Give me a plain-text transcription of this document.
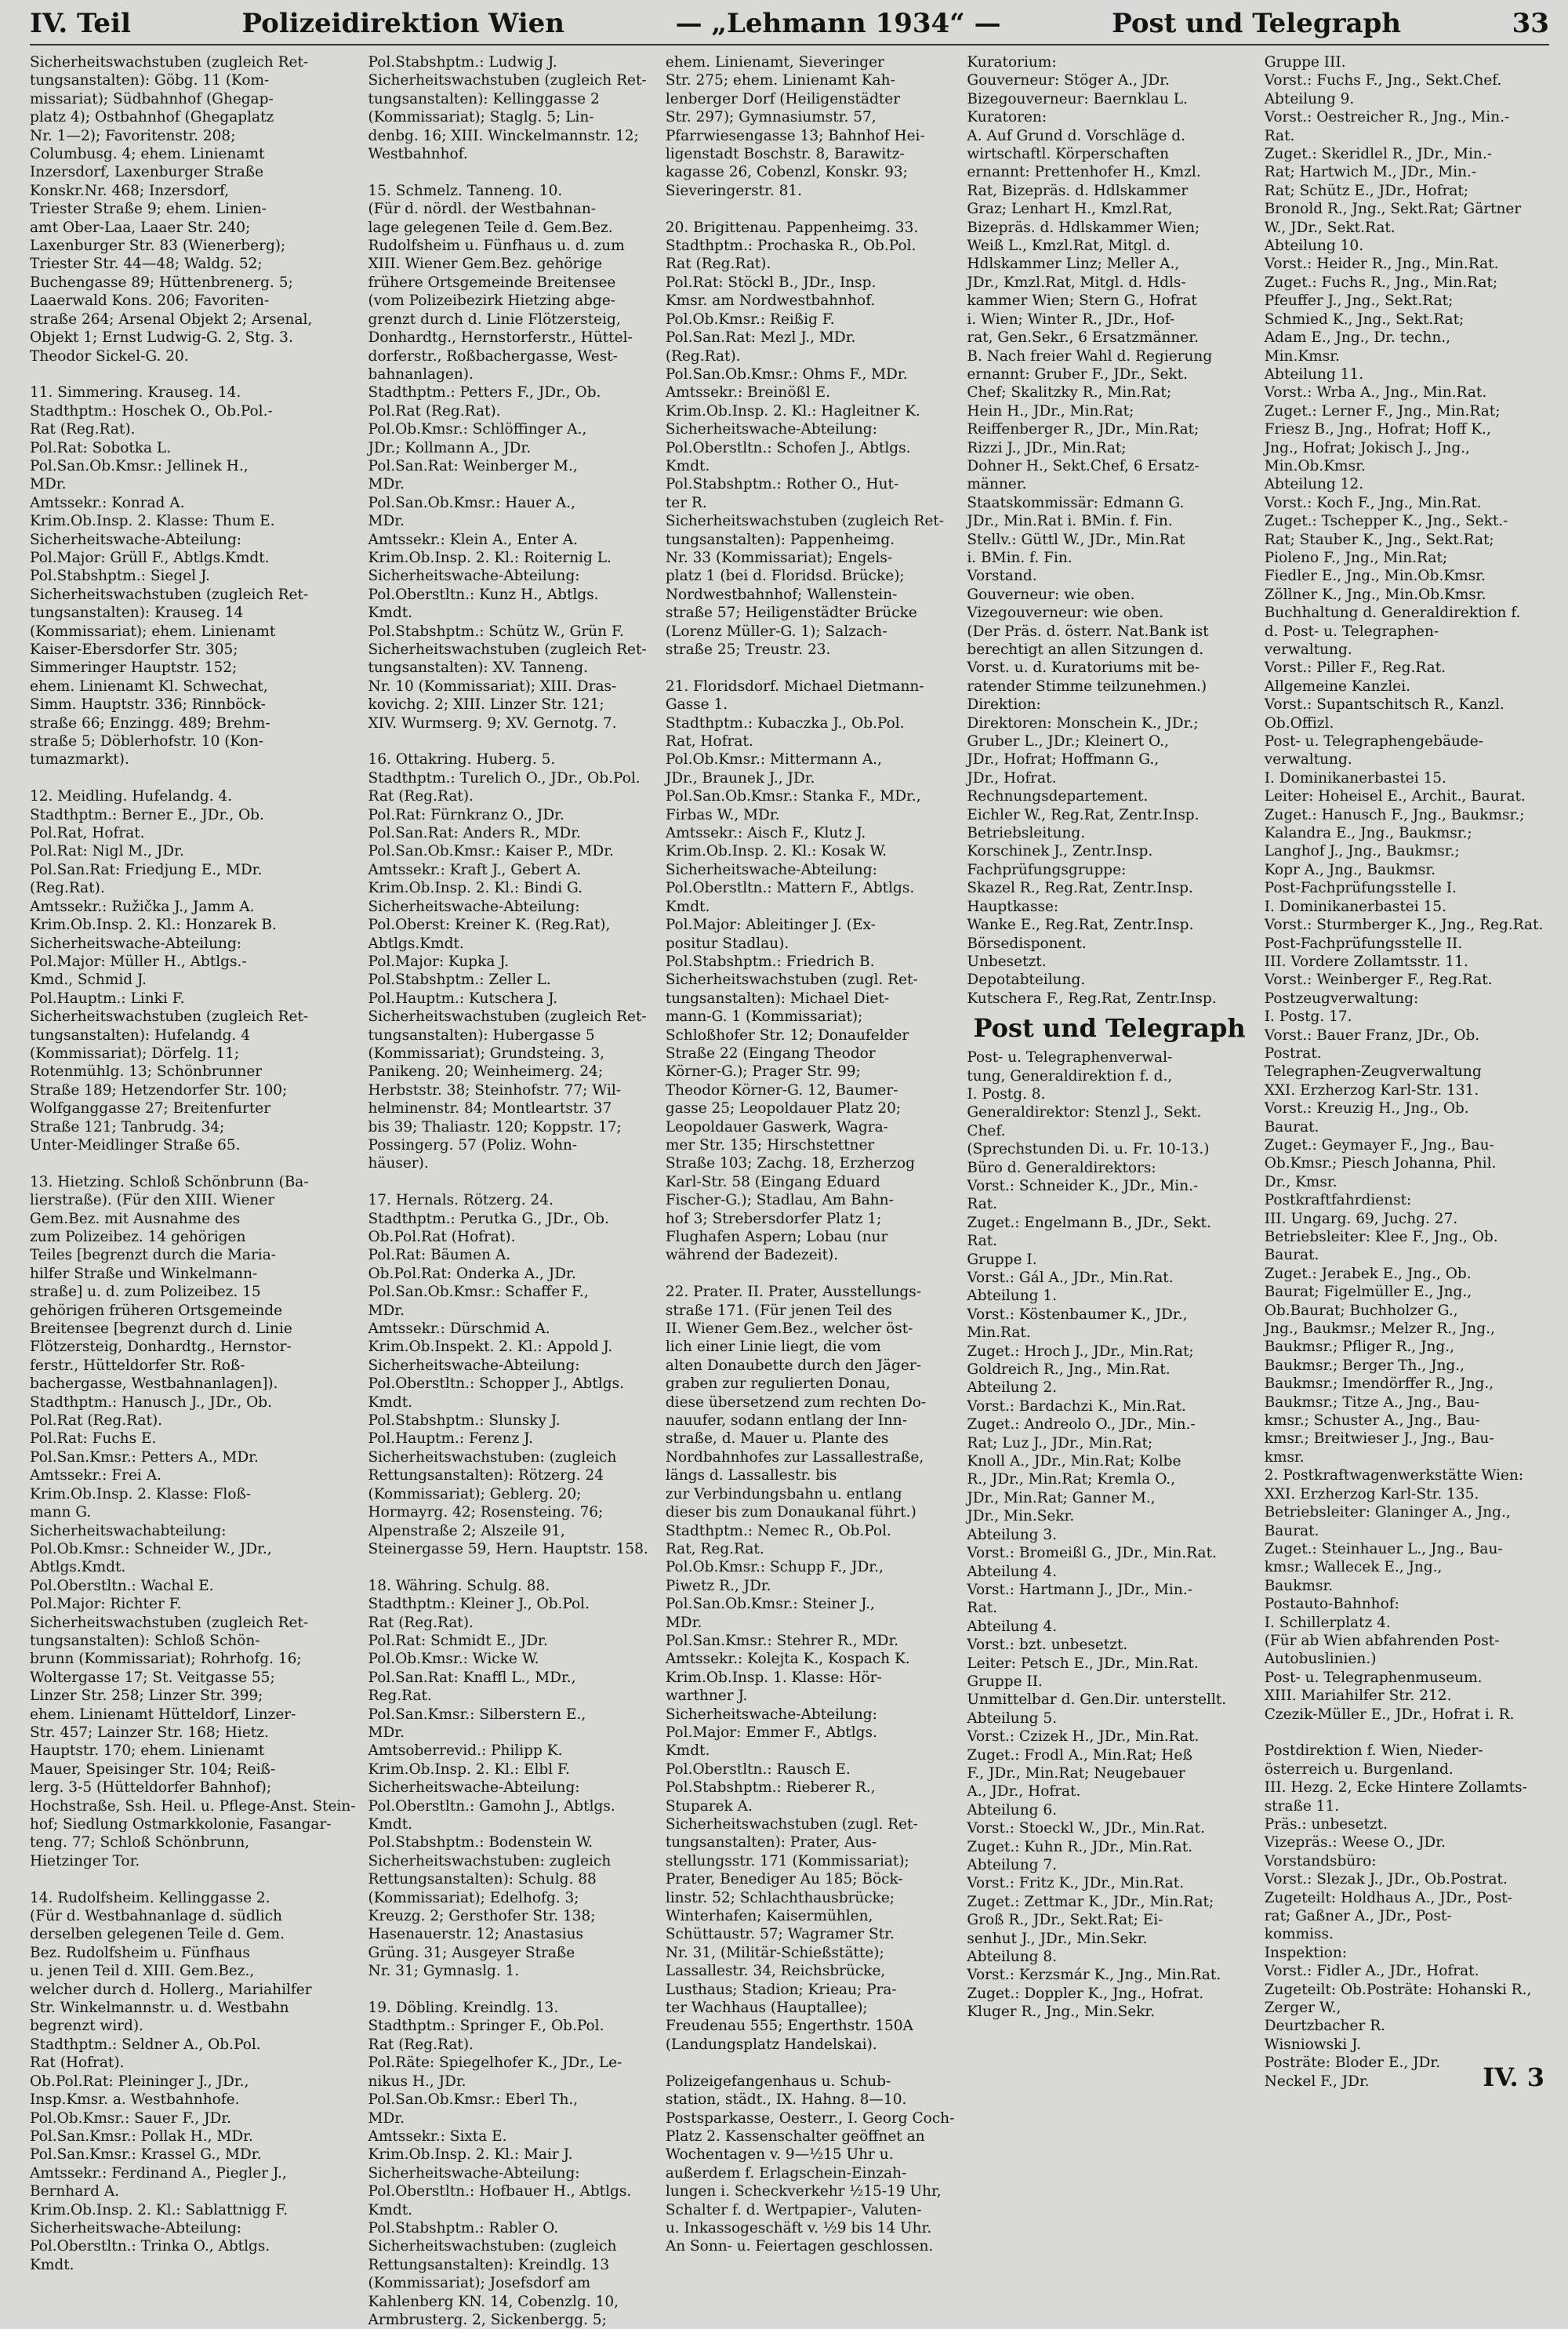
IV. Teil	Polizeidirektion Wien	— „Lehmann 1934“ —	Post und Telegraph	33
Sicherheitswachstuben (zugleich Ret-
tungsanstalten): Göbg. 11 (Kom-
missariat); Südbahnhof (Ghegap-
platz 4); Ostbahnhof (Ghegaplatz
Nr. 1—2); Favoritenstr. 208;
Columbusg. 4; ehem. Linienamt
Inzersdorf, Laxenburger Straße
Konskr.Nr. 468; Inzersdorf,
Triester Straße 9; ehem. Linien-
amt Ober-Laa, Laaer Str. 240;
Laxenburger Str. 83 (Wienerberg);
Triester Str. 44—48; Waldg. 52;
Buchengasse 89; Hüttenbrenerg. 5;
Laaerwald Kons. 206; Favoriten-
straße 264; Arsenal Objekt 2; Arsenal,
Objekt 1; Ernst Ludwig-G. 2, Stg. 3.
Theodor Sickel-G. 20.

11. Simmering. Krauseg. 14.
Stadthptm.: Hoschek O., Ob.Pol.-
Rat (Reg.Rat).
Pol.Rat: Sobotka L.
Pol.San.Ob.Kmsr.: Jellinek H.,
MDr.
Amtssekr.: Konrad A.
Krim.Ob.Insp. 2. Klasse: Thum E.
Sicherheitswache-Abteilung:
Pol.Major: Grüll F., Abtlgs.Kmdt.
Pol.Stabshptm.: Siegel J.
Sicherheitswachstuben (zugleich Ret-
tungsanstalten): Krauseg. 14
(Kommissariat); ehem. Linienamt
Kaiser-Ebersdorfer Str. 305;
Simmeringer Hauptstr. 152;
ehem. Linienamt Kl. Schwechat,
Simm. Hauptstr. 336; Rinnböck-
straße 66; Enzingg. 489; Brehm-
straße 5; Döblerhofstr. 10 (Kon-
tumazmarkt).

12. Meidling. Hufelandg. 4.
Stadthptm.: Berner E., JDr., Ob.
Pol.Rat, Hofrat.
Pol.Rat: Nigl M., JDr.
Pol.San.Rat: Friedjung E., MDr.
(Reg.Rat).
Amtssekr.: Ružička J., Jamm A.
Krim.Ob.Insp. 2. Kl.: Honzarek B.
Sicherheitswache-Abteilung:
Pol.Major: Müller H., Abtlgs.-
Kmd., Schmid J.
Pol.Hauptm.: Linki F.
Sicherheitswachstuben (zugleich Ret-
tungsanstalten): Hufelandg. 4
(Kommissariat); Dörfelg. 11;
Rotenmühlg. 13; Schönbrunner
Straße 189; Hetzendorfer Str. 100;
Wolfganggasse 27; Breitenfurter
Straße 121; Tanbrudg. 34;
Unter-Meidlinger Straße 65.

13. Hietzing. Schloß Schönbrunn (Ba-
lierstraße). (Für den XIII. Wiener
Gem.Bez. mit Ausnahme des
zum Polizeibez. 14 gehörigen
Teiles [begrenzt durch die Maria-
hilfer Straße und Winkelmann-
straße] u. d. zum Polizeibez. 15
gehörigen früheren Ortsgemeinde
Breitensee [begrenzt durch d. Linie
Flötzersteig, Donhardtg., Hernstor-
ferstr., Hütteldorfer Str. Roß-
bachergasse, Westbahnanlagen]).
Stadthptm.: Hanusch J., JDr., Ob.
Pol.Rat (Reg.Rat).
Pol.Rat: Fuchs E.
Pol.San.Kmsr.: Petters A., MDr.
Amtssekr.: Frei A.
Krim.Ob.Insp. 2. Klasse: Floß-
mann G.
Sicherheitswachabteilung:
Pol.Ob.Kmsr.: Schneider W., JDr.,
Abtlgs.Kmdt.
Pol.Oberstltn.: Wachal E.
Pol.Major: Richter F.
Sicherheitswachstuben (zugleich Ret-
tungsanstalten): Schloß Schön-
brunn (Kommissariat); Rohrhofg. 16;
Woltergasse 17; St. Veitgasse 55;
Linzer Str. 258; Linzer Str. 399;
ehem. Linienamt Hütteldorf, Linzer-
Str. 457; Lainzer Str. 168; Hietz.
Hauptstr. 170; ehem. Linienamt
Mauer, Speisinger Str. 104; Reiß-
lerg. 3-5 (Hütteldorfer Bahnhof);
Hochstraße, Ssh. Heil. u. Pflege-Anst. Stein-
hof; Siedlung Ostmarkkolonie, Fasangar-
teng. 77; Schloß Schönbrunn,
Hietzinger Tor.

14. Rudolfsheim. Kellinggasse 2.
(Für d. Westbahnanlage d. südlich
derselben gelegenen Teile d. Gem.
Bez. Rudolfsheim u. Fünfhaus
u. jenen Teil d. XIII. Gem.Bez.,
welcher durch d. Hollerg., Mariahilfer
Str. Winkelmannstr. u. d. Westbahn
begrenzt wird).
Stadthptm.: Seldner A., Ob.Pol.
Rat (Hofrat).
Ob.Pol.Rat: Pleininger J., JDr.,
Insp.Kmsr. a. Westbahnhofe.
Pol.Ob.Kmsr.: Sauer F., JDr.
Pol.San.Kmsr.: Pollak H., MDr.
Pol.San.Kmsr.: Krassel G., MDr.
Amtssekr.: Ferdinand A., Piegler J.,
Bernhard A.
Krim.Ob.Insp. 2. Kl.: Sablattnigg F.
Sicherheitswache-Abteilung:
Pol.Oberstltn.: Trinka O., Abtlgs.
Kmdt.
Pol.Stabshptm.: Ludwig J.
Sicherheitswachstuben (zugleich Ret-
tungsanstalten): Kellinggasse 2
(Kommissariat); Staglg. 5; Lin-
denbg. 16; XIII. Winckelmannstr. 12;
Westbahnhof.

15. Schmelz. Tanneng. 10.
(Für d. nördl. der Westbahnan-
lage gelegenen Teile d. Gem.Bez.
Rudolfsheim u. Fünfhaus u. d. zum
XIII. Wiener Gem.Bez. gehörige
frühere Ortsgemeinde Breitensee
(vom Polizeibezirk Hietzing abge-
grenzt durch d. Linie Flötzersteig,
Donhardtg., Hernstorferstr., Hüttel-
dorferstr., Roßbachergasse, West-
bahnanlagen).
Stadthptm.: Petters F., JDr., Ob.
Pol.Rat (Reg.Rat).
Pol.Ob.Kmsr.: Schlöffinger A.,
JDr.; Kollmann A., JDr.
Pol.San.Rat: Weinberger M.,
MDr.
Pol.San.Ob.Kmsr.: Hauer A.,
MDr.
Amtssekr.: Klein A., Enter A.
Krim.Ob.Insp. 2. Kl.: Roiternig L.
Sicherheitswache-Abteilung:
Pol.Oberstltn.: Kunz H., Abtlgs.
Kmdt.
Pol.Stabshptm.: Schütz W., Grün F.
Sicherheitswachstuben (zugleich Ret-
tungsanstalten): XV. Tanneng.
Nr. 10 (Kommissariat); XIII. Dras-
kovichg. 2; XIII. Linzer Str. 121;
XIV. Wurmserg. 9; XV. Gernotg. 7.

16. Ottakring. Huberg. 5.
Stadthptm.: Turelich O., JDr., Ob.Pol.
Rat (Reg.Rat).
Pol.Rat: Fürnkranz O., JDr.
Pol.San.Rat: Anders R., MDr.
Pol.San.Ob.Kmsr.: Kaiser P., MDr.
Amtssekr.: Kraft J., Gebert A.
Krim.Ob.Insp. 2. Kl.: Bindi G.
Sicherheitswache-Abteilung:
Pol.Oberst: Kreiner K. (Reg.Rat),
Abtlgs.Kmdt.
Pol.Major: Kupka J.
Pol.Stabshptm.: Zeller L.
Pol.Hauptm.: Kutschera J.
Sicherheitswachstuben (zugleich Ret-
tungsanstalten): Hubergasse 5
(Kommissariat); Grundsteing. 3,
Panikeng. 20; Weinheimerg. 24;
Herbststr. 38; Steinhofstr. 77; Wil-
helminenstr. 84; Montleartstr. 37
bis 39; Thaliastr. 120; Koppstr. 17;
Possingerg. 57 (Poliz. Wohn-
häuser).

17. Hernals. Rötzerg. 24.
Stadthptm.: Perutka G., JDr., Ob.
Ob.Pol.Rat (Hofrat).
Pol.Rat: Bäumen A.
Ob.Pol.Rat: Onderka A., JDr.
Pol.San.Ob.Kmsr.: Schaffer F.,
MDr.
Amtssekr.: Dürschmid A.
Krim.Ob.Inspekt. 2. Kl.: Appold J.
Sicherheitswache-Abteilung:
Pol.Oberstltn.: Schopper J., Abtlgs.
Kmdt.
Pol.Stabshptm.: Slunsky J.
Pol.Hauptm.: Ferenz J.
Sicherheitswachstuben: (zugleich
Rettungsanstalten): Rötzerg. 24
(Kommissariat); Geblerg. 20;
Hormayrg. 42; Rosensteing. 76;
Alpenstraße 2; Alszeile 91,
Steinergasse 59, Hern. Hauptstr. 158.

18. Währing. Schulg. 88.
Stadthptm.: Kleiner J., Ob.Pol.
Rat (Reg.Rat).
Pol.Rat: Schmidt E., JDr.
Pol.Ob.Kmsr.: Wicke W.
Pol.San.Rat: Knaffl L., MDr.,
Reg.Rat.
Pol.San.Kmsr.: Silberstern E.,
MDr.
Amtsoberrevid.: Philipp K.
Krim.Ob.Insp. 2. Kl.: Elbl F.
Sicherheitswache-Abteilung:
Pol.Oberstltn.: Gamohn J., Abtlgs.
Kmdt.
Pol.Stabshptm.: Bodenstein W.
Sicherheitswachstuben: zugleich
Rettungsanstalten): Schulg. 88
(Kommissariat); Edelhofg. 3;
Kreuzg. 2; Gersthofer Str. 138;
Hasenauerstr. 12; Anastasius
Grüng. 31; Ausgeyer Straße
Nr. 31; Gymnaslg. 1.

19. Döbling. Kreindlg. 13.
Stadthptm.: Springer F., Ob.Pol.
Rat (Reg.Rat).
Pol.Räte: Spiegelhofer K., JDr., Le-
nikus H., JDr.
Pol.San.Ob.Kmsr.: Eberl Th.,
MDr.
Amtssekr.: Sixta E.
Krim.Ob.Insp. 2. Kl.: Mair J.
Sicherheitswache-Abteilung:
Pol.Oberstltn.: Hofbauer H., Abtlgs.
Kmdt.
Pol.Stabshptm.: Rabler O.
Sicherheitswachstuben: (zugleich
Rettungsanstalten): Kreindlg. 13
(Kommissariat); Josefsdorf am
Kahlenberg KN. 14, Cobenzlg. 10,
Armbrusterg. 2, Sickenbergg. 5;
ehem. Linienamt, Sieveringer
Str. 275; ehem. Linienamt Kah-
lenberger Dorf (Heiligenstädter
Str. 297); Gymnasiumstr. 57,
Pfarrwiesengasse 13; Bahnhof Hei-
ligenstadt Boschstr. 8, Barawitz-
kagasse 26, Cobenzl, Konskr. 93;
Sieveringerstr. 81.

20. Brigittenau. Pappenheimg. 33.
Stadthptm.: Prochaska R., Ob.Pol.
Rat (Reg.Rat).
Pol.Rat: Stöckl B., JDr., Insp.
Kmsr. am Nordwestbahnhof.
Pol.Ob.Kmsr.: Reißig F.
Pol.San.Rat: Mezl J., MDr.
(Reg.Rat).
Pol.San.Ob.Kmsr.: Ohms F., MDr.
Amtssekr.: Breinößl E.
Krim.Ob.Insp. 2. Kl.: Hagleitner K.
Sicherheitswache-Abteilung:
Pol.Oberstltn.: Schofen J., Abtlgs.
Kmdt.
Pol.Stabshptm.: Rother O., Hut-
ter R.
Sicherheitswachstuben (zugleich Ret-
tungsanstalten): Pappenheimg.
Nr. 33 (Kommissariat); Engels-
platz 1 (bei d. Floridsd. Brücke);
Nordwestbahnhof; Wallenstein-
straße 57; Heiligenstädter Brücke
(Lorenz Müller-G. 1); Salzach-
straße 25; Treustr. 23.

21. Floridsdorf. Michael Dietmann-
Gasse 1.
Stadthptm.: Kubaczka J., Ob.Pol.
Rat, Hofrat.
Pol.Ob.Kmsr.: Mittermann A.,
JDr., Braunek J., JDr.
Pol.San.Ob.Kmsr.: Stanka F., MDr.,
Firbas W., MDr.
Amtssekr.: Aisch F., Klutz J.
Krim.Ob.Insp. 2. Kl.: Kosak W.
Sicherheitswache-Abteilung:
Pol.Oberstltn.: Mattern F., Abtlgs.
Kmdt.
Pol.Major: Ableitinger J. (Ex-
positur Stadlau).
Pol.Stabshptm.: Friedrich B.
Sicherheitswachstuben (zugl. Ret-
tungsanstalten): Michael Diet-
mann-G. 1 (Kommissariat);
Schloßhofer Str. 12; Donaufelder
Straße 22 (Eingang Theodor
Körner-G.); Prager Str. 99;
Theodor Körner-G. 12, Baumer-
gasse 25; Leopoldauer Platz 20;
Leopoldauer Gaswerk, Wagra-
mer Str. 135; Hirschstettner
Straße 103; Zachg. 18, Erzherzog
Karl-Str. 58 (Eingang Eduard
Fischer-G.); Stadlau, Am Bahn-
hof 3; Strebersdorfer Platz 1;
Flughafen Aspern; Lobau (nur
während der Badezeit).

22. Prater. II. Prater, Ausstellungs-
straße 171. (Für jenen Teil des
II. Wiener Gem.Bez., welcher öst-
lich einer Linie liegt, die vom
alten Donaubette durch den Jäger-
graben zur regulierten Donau,
diese übersetzend zum rechten Do-
nauufer, sodann entlang der Inn-
straße, d. Mauer u. Plante des
Nordbahnhofes zur Lassallestraße,
längs d. Lassallestr. bis
zur Verbindungsbahn u. entlang
dieser bis zum Donaukanal führt.)
Stadthptm.: Nemec R., Ob.Pol.
Rat, Reg.Rat.
Pol.Ob.Kmsr.: Schupp F., JDr.,
Piwetz R., JDr.
Pol.San.Ob.Kmsr.: Steiner J.,
MDr.
Pol.San.Kmsr.: Stehrer R., MDr.
Amtssekr.: Kolejta K., Kospach K.
Krim.Ob.Insp. 1. Klasse: Hör-
warthner J.
Sicherheitswache-Abteilung:
Pol.Major: Emmer F., Abtlgs.
Kmdt.
Pol.Oberstltn.: Rausch E.
Pol.Stabshptm.: Rieberer R.,
Stuparek A.
Sicherheitswachstuben (zugl. Ret-
tungsanstalten): Prater, Aus-
stellungsstr. 171 (Kommissariat);
Prater, Benediger Au 185; Böck-
linstr. 52; Schlachthausbrücke;
Winterhafen; Kaisermühlen,
Schüttaustr. 57; Wagramer Str.
Nr. 31, (Militär-Schießstätte);
Lassallestr. 34, Reichsbrücke,
Lusthaus; Stadion; Krieau; Pra-
ter Wachhaus (Hauptallee);
Freudenau 555; Engerthstr. 150A
(Landungsplatz Handelskai).

Polizeigefangenhaus u. Schub-
station, städt., IX. Hahng. 8—10.
Postsparkasse, Oesterr., I. Georg Coch-
Platz 2. Kassenschalter geöffnet an
Wochentagen v. 9—½15 Uhr u.
außerdem f. Erlagschein-Einzah-
lungen i. Scheckverkehr ½15-19 Uhr,
Schalter f. d. Wertpapier-, Valuten-
u. Inkassogeschäft v. ½9 bis 14 Uhr.
An Sonn- u. Feiertagen geschlossen.
Kuratorium:
Gouverneur: Stöger A., JDr.
Bizegouverneur: Baernklau L.
Kuratoren:
A. Auf Grund d. Vorschläge d.
wirtschaftl. Körperschaften
ernannt: Prettenhofer H., Kmzl.
Rat, Bizepräs. d. Hdlskammer
Graz; Lenhart H., Kmzl.Rat,
Bizepräs. d. Hdlskammer Wien;
Weiß L., Kmzl.Rat, Mitgl. d.
Hdlskammer Linz; Meller A.,
JDr., Kmzl.Rat, Mitgl. d. Hdls-
kammer Wien; Stern G., Hofrat
i. Wien; Winter R., JDr., Hof-
rat, Gen.Sekr., 6 Ersatzmänner.
B. Nach freier Wahl d. Regierung
ernannt: Gruber F., JDr., Sekt.
Chef; Skalitzky R., Min.Rat;
Hein H., JDr., Min.Rat;
Reiffenberger R., JDr., Min.Rat;
Rizzi J., JDr., Min.Rat;
Dohner H., Sekt.Chef, 6 Ersatz-
männer.
Staatskommissär: Edmann G.
JDr., Min.Rat i. BMin. f. Fin.
Stellv.: Güttl W., JDr., Min.Rat
i. BMin. f. Fin.
Vorstand.
Gouverneur: wie oben.
Vizegouverneur: wie oben.
(Der Präs. d. österr. Nat.Bank ist
berechtigt an allen Sitzungen d.
Vorst. u. d. Kuratoriums mit be-
ratender Stimme teilzunehmen.)
Direktion:
Direktoren: Monschein K., JDr.;
Gruber L., JDr.; Kleinert O.,
JDr., Hofrat; Hoffmann G.,
JDr., Hofrat.
Rechnungsdepartement.
Eichler W., Reg.Rat, Zentr.Insp.
Betriebsleitung.
Korschinek J., Zentr.Insp.
Fachprüfungsgruppe:
Skazel R., Reg.Rat, Zentr.Insp.
Hauptkasse:
Wanke E., Reg.Rat, Zentr.Insp.
Börsedisponent.
Unbesetzt.
Depotabteilung.
Kutschera F., Reg.Rat, Zentr.Insp.
Post und Telegraph
Post- u. Telegraphenverwal-
tung, Generaldirektion f. d.,
I. Postg. 8.
Generaldirektor: Stenzl J., Sekt.
Chef.
(Sprechstunden Di. u. Fr. 10-13.)
Büro d. Generaldirektors:
Vorst.: Schneider K., JDr., Min.-
Rat.
Zuget.: Engelmann B., JDr., Sekt.
Rat.
Gruppe I.
Vorst.: Gál A., JDr., Min.Rat.
Abteilung 1.
Vorst.: Köstenbaumer K., JDr.,
Min.Rat.
Zuget.: Hroch J., JDr., Min.Rat;
Goldreich R., Jng., Min.Rat.
Abteilung 2.
Vorst.: Bardachzi K., Min.Rat.
Zuget.: Andreolo O., JDr., Min.-
Rat; Luz J., JDr., Min.Rat;
Knoll A., JDr., Min.Rat; Kolbe
R., JDr., Min.Rat; Kremla O.,
JDr., Min.Rat; Ganner M.,
JDr., Min.Sekr.
Abteilung 3.
Vorst.: Bromeißl G., JDr., Min.Rat.
Abteilung 4.
Vorst.: Hartmann J., JDr., Min.-
Rat.
Abteilung 4.
Vorst.: bzt. unbesetzt.
Leiter: Petsch E., JDr., Min.Rat.
Gruppe II.
Unmittelbar d. Gen.Dir. unterstellt.
Abteilung 5.
Vorst.: Czizek H., JDr., Min.Rat.
Zuget.: Frodl A., Min.Rat; Heß
F., JDr., Min.Rat; Neugebauer
A., JDr., Hofrat.
Abteilung 6.
Vorst.: Stoeckl W., JDr., Min.Rat.
Zuget.: Kuhn R., JDr., Min.Rat.
Abteilung 7.
Vorst.: Fritz K., JDr., Min.Rat.
Zuget.: Zettmar K., JDr., Min.Rat;
Groß R., JDr., Sekt.Rat; Ei-
senhut J., JDr., Min.Sekr.
Abteilung 8.
Vorst.: Kerzsmár K., Jng., Min.Rat.
Zuget.: Doppler K., Jng., Hofrat.
Kluger R., Jng., Min.Sekr.
Gruppe III.
Vorst.: Fuchs F., Jng., Sekt.Chef.
Abteilung 9.
Vorst.: Oestreicher R., Jng., Min.-
Rat.
Zuget.: Skeridlel R., JDr., Min.-
Rat; Hartwich M., JDr., Min.-
Rat; Schütz E., JDr., Hofrat;
Bronold R., Jng., Sekt.Rat; Gärtner
W., JDr., Sekt.Rat.
Abteilung 10.
Vorst.: Heider R., Jng., Min.Rat.
Zuget.: Fuchs R., Jng., Min.Rat;
Pfeuffer J., Jng., Sekt.Rat;
Schmied K., Jng., Sekt.Rat;
Adam E., Jng., Dr. techn.,
Min.Kmsr.
Abteilung 11.
Vorst.: Wrba A., Jng., Min.Rat.
Zuget.: Lerner F., Jng., Min.Rat;
Friesz B., Jng., Hofrat; Hoff K.,
Jng., Hofrat; Jokisch J., Jng.,
Min.Ob.Kmsr.
Abteilung 12.
Vorst.: Koch F., Jng., Min.Rat.
Zuget.: Tschepper K., Jng., Sekt.-
Rat; Stauber K., Jng., Sekt.Rat;
Pioleno F., Jng., Min.Rat;
Fiedler E., Jng., Min.Ob.Kmsr.
Zöllner K., Jng., Min.Ob.Kmsr.
Buchhaltung d. Generaldirektion f.
d. Post- u. Telegraphen-
verwaltung.
Vorst.: Piller F., Reg.Rat.
Allgemeine Kanzlei.
Vorst.: Supantschitsch R., Kanzl.
Ob.Offizl.
Post- u. Telegraphengebäude-
verwaltung.
I. Dominikanerbastei 15.
Leiter: Hoheisel E., Archit., Baurat.
Zuget.: Hanusch F., Jng., Baukmsr.;
Kalandra E., Jng., Baukmsr.;
Langhof J., Jng., Baukmsr.;
Kopr A., Jng., Baukmsr.
Post-Fachprüfungsstelle I.
I. Dominikanerbastei 15.
Vorst.: Sturmberger K., Jng., Reg.Rat.
Post-Fachprüfungsstelle II.
III. Vordere Zollamtsstr. 11.
Vorst.: Weinberger F., Reg.Rat.
Postzeugverwaltung:
I. Postg. 17.
Vorst.: Bauer Franz, JDr., Ob.
Postrat.
Telegraphen-Zeugverwaltung
XXI. Erzherzog Karl-Str. 131.
Vorst.: Kreuzig H., Jng., Ob.
Baurat.
Zuget.: Geymayer F., Jng., Bau-
Ob.Kmsr.; Piesch Johanna, Phil.
Dr., Kmsr.
Postkraftfahrdienst:
III. Ungarg. 69, Juchg. 27.
Betriebsleiter: Klee F., Jng., Ob.
Baurat.
Zuget.: Jerabek E., Jng., Ob.
Baurat; Figelmüller E., Jng.,
Ob.Baurat; Buchholzer G.,
Jng., Baukmsr.; Melzer R., Jng.,
Baukmsr.; Pfliger R., Jng.,
Baukmsr.; Berger Th., Jng.,
Baukmsr.; Imendörffer R., Jng.,
Baukmsr.; Titze A., Jng., Bau-
kmsr.; Schuster A., Jng., Bau-
kmsr.; Breitwieser J., Jng., Bau-
kmsr.
2. Postkraftwagenwerkstätte Wien:
XXI. Erzherzog Karl-Str. 135.
Betriebsleiter: Glaninger A., Jng.,
Baurat.
Zuget.: Steinhauer L., Jng., Bau-
kmsr.; Wallecek E., Jng.,
Baukmsr.
Postauto-Bahnhof:
I. Schillerplatz 4.
(Für ab Wien abfahrenden Post-
Autobuslinien.)
Post- u. Telegraphenmuseum.
XIII. Mariahilfer Str. 212.
Czezik-Müller E., JDr., Hofrat i. R.

Postdirektion f. Wien, Nieder-
österreich u. Burgenland.
III. Hezg. 2, Ecke Hintere Zollamts-
straße 11.
Präs.: unbesetzt.
Vizepräs.: Weese O., JDr.
Vorstandsbüro:
Vorst.: Slezak J., JDr., Ob.Postrat.
Zugeteilt: Holdhaus A., JDr., Post-
rat; Gaßner A., JDr., Post-
kommiss.
Inspektion:
Vorst.: Fidler A., JDr., Hofrat.
Zugeteilt: Ob.Posträte: Hohanski R.,
Zerger W.,
Deurtzbacher R.
Wisniowski J.
Posträte: Bloder E., JDr.
Neckel F., JDr.	IV. 3
